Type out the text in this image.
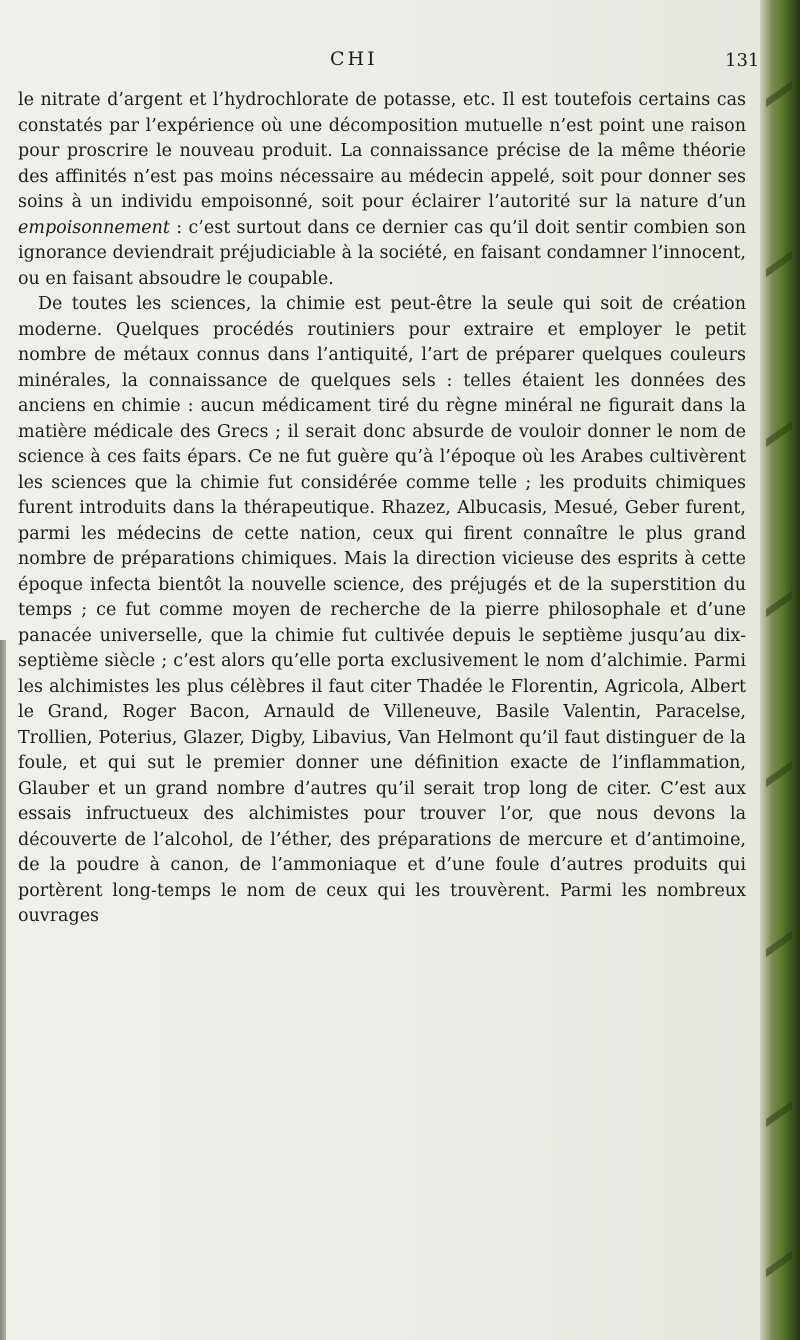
CHI	131

le nitrate d’argent et l’hydrochlorate de potasse, etc. Il est toutefois certains cas constatés par l’expérience où une décomposition mutuelle n’est point une raison pour proscrire le nouveau produit. La connaissance précise de la même théorie des affinités n’est pas moins nécessaire au médecin appelé, soit pour donner ses soins à un individu empoisonné, soit pour éclairer l’autorité sur la nature d’un empoisonnement : c’est surtout dans ce dernier cas qu’il doit sentir combien son ignorance deviendrait préjudiciable à la société, en faisant condamner l’innocent, ou en faisant absoudre le coupable.

De toutes les sciences, la chimie est peut-être la seule qui soit de création moderne. Quelques procédés routiniers pour extraire et employer le petit nombre de métaux connus dans l’antiquité, l’art de préparer quelques couleurs minérales, la connaissance de quelques sels : telles étaient les données des anciens en chimie : aucun médicament tiré du règne minéral ne figurait dans la matière médicale des Grecs ; il serait donc absurde de vouloir donner le nom de science à ces faits épars. Ce ne fut guère qu’à l’époque où les Arabes cultivèrent les sciences que la chimie fut considérée comme telle ; les produits chimiques furent introduits dans la thérapeutique. Rhazez, Albucasis, Mesué, Geber furent, parmi les médecins de cette nation, ceux qui firent connaître le plus grand nombre de préparations chimiques. Mais la direction vicieuse des esprits à cette époque infecta bientôt la nouvelle science, des préjugés et de la superstition du temps ; ce fut comme moyen de recherche de la pierre philosophale et d’une panacée universelle, que la chimie fut cultivée depuis le septième jusqu’au dix-septième siècle ; c’est alors qu’elle porta exclusivement le nom d’alchimie. Parmi les alchimistes les plus célèbres il faut citer Thadée le Florentin, Agricola, Albert le Grand, Roger Bacon, Arnauld de Villeneuve, Basile Valentin, Paracelse, Trollien, Poterius, Glazer, Digby, Libavius, Van Helmont qu’il faut distinguer de la foule, et qui sut le premier donner une définition exacte de l’inflammation, Glauber et un grand nombre d’autres qu’il serait trop long de citer. C’est aux essais infructueux des alchimistes pour trouver l’or, que nous devons la découverte de l’alcohol, de l’éther, des préparations de mercure et d’antimoine, de la poudre à canon, de l’ammoniaque et d’une foule d’autres produits qui portèrent long-temps le nom de ceux qui les trouvèrent. Parmi les nombreux ouvrages
